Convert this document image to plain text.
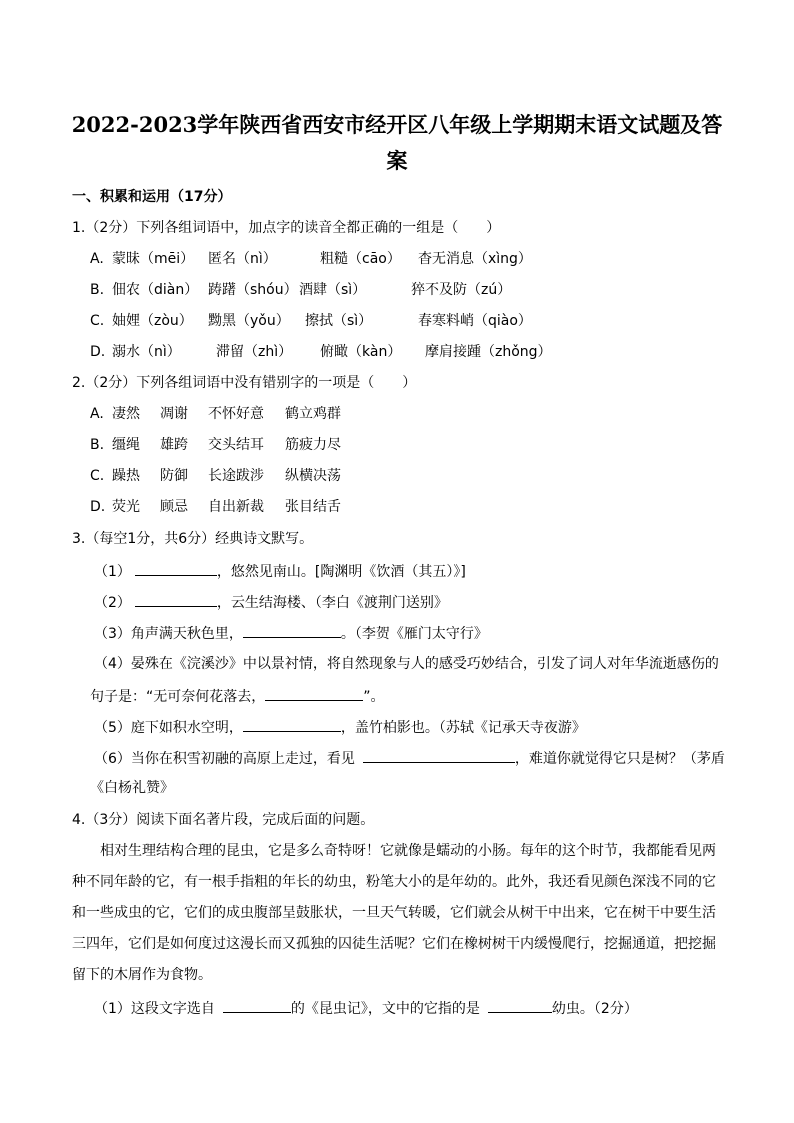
2022-2023学年陕西省西安市经开区八年级上学期期末语文试题及答
案
一、积累和运用（17分）
1.（2分）下列各组词语中，加点字的读音全都正确的一组是（　　）
A. 蒙昧（mēi） 匿名（nì）	粗糙（cāo） 杳无消息（xìng）
B. 佃农（diàn） 踌躇（shóu） 酒肆（sì）	猝不及防（zú）
C. 妯娌（zòu） 黝黑（yǒu） 擦拭（sì）	春寒料峭（qiào）
D. 溺水（nì）	滞留（zhì） 俯瞰（kàn） 摩肩接踵（zhǒng）
2.（2分）下列各组词语中没有错别字的一项是（　　）
A. 凄然 凋谢 不怀好意 鹤立鸡群
B. 缰绳 雄跨 交头结耳 筋疲力尽
C. 躁热 防御 长途跋涉 纵横决荡
D. 荧光 顾忌 自出新裁 张目结舌
3.（每空1分，共6分）经典诗文默写。
（1）	，悠然见南山。[陶渊明《饮酒（其五）》]
（2）	，云生结海楼、（李白《渡荆门送别》
（3）角声满天秋色里，	。（李贺《雁门太守行》
（4）晏殊在《浣溪沙》中以景衬情，将自然现象与人的感受巧妙结合，引发了词人对年华流逝感伤的
句子是：“无可奈何花落去，	”。
（5）庭下如积水空明，	，盖竹柏影也。（苏轼《记承天寺夜游》
（6）当你在积雪初融的高原上走过，看见	，难道你就觉得它只是树？（茅盾
《白杨礼赞》
4.（3分）阅读下面名著片段，完成后面的问题。
相对生理结构合理的昆虫，它是多么奇特呀！它就像是蠕动的小肠。每年的这个时节，我都能看见两
种不同年龄的它，有一根手指粗的年长的幼虫，粉笔大小的是年幼的。此外，我还看见颜色深浅不同的它
和一些成虫的它，它们的成虫腹部呈鼓胀状，一旦天气转暖，它们就会从树干中出来，它在树干中要生活
三四年，它们是如何度过这漫长而又孤独的囚徒生活呢？它们在橡树树干内缓慢爬行，挖掘通道，把挖掘
留下的木屑作为食物。
（1）这段文字选自	的《昆虫记》，文中的它指的是	幼虫。（2分）
